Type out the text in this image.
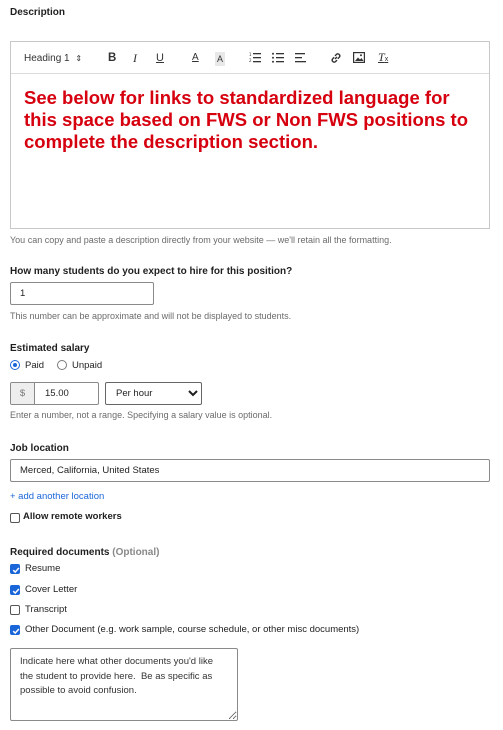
Description
Heading 1 ⇕ B I U	A A	1
2	Tx
See below for links to standardized language for this space based on FWS or Non FWS positions to complete the description section.
You can copy and paste a description directly from your website — we'll retain all the formatting.
How many students do you expect to hire for this position?
1
This number can be approximate and will not be displayed to students.
Estimated salary
Paid	Unpaid
$	15.00
Per hour
Enter a number, not a range. Specifying a salary value is optional.
Job location
Merced, California, United States
+ add another location
Allow remote workers
Required documents (Optional)
Resume
Cover Letter
Transcript
Other Document (e.g. work sample, course schedule, or other misc documents)
Indicate here what other documents you'd like the student to provide here. Be as specific as possible to avoid confusion.
